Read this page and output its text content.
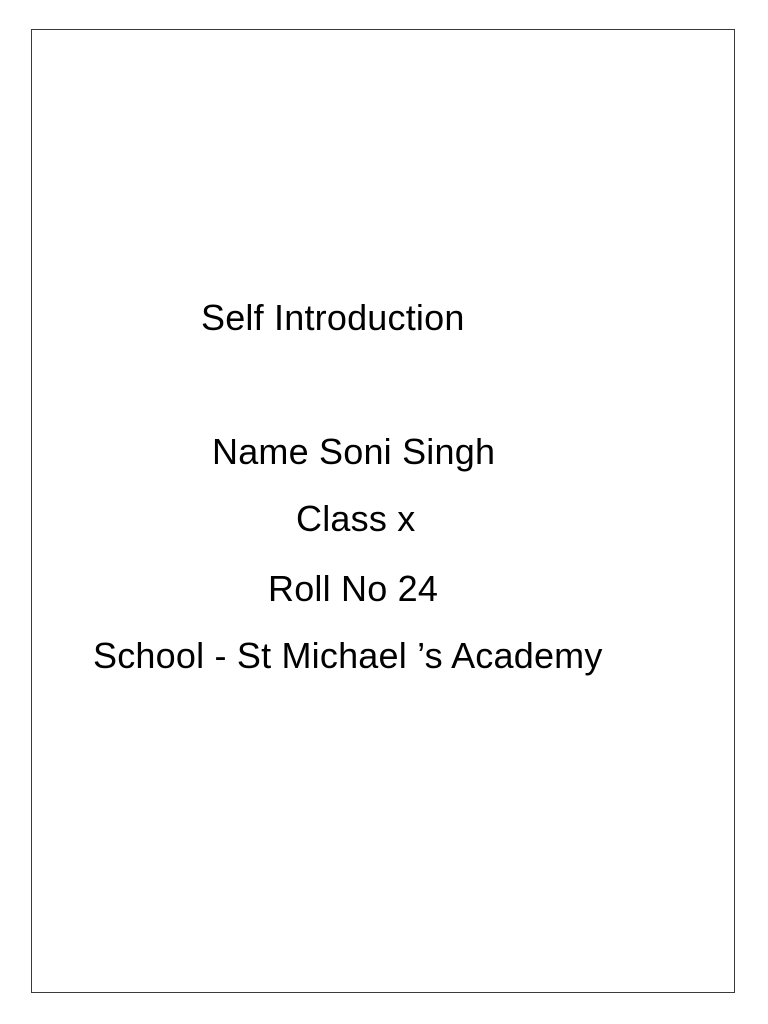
Self Introduction
Name Soni Singh
Class x
Roll No 24
School - St Michael ’s Academy
